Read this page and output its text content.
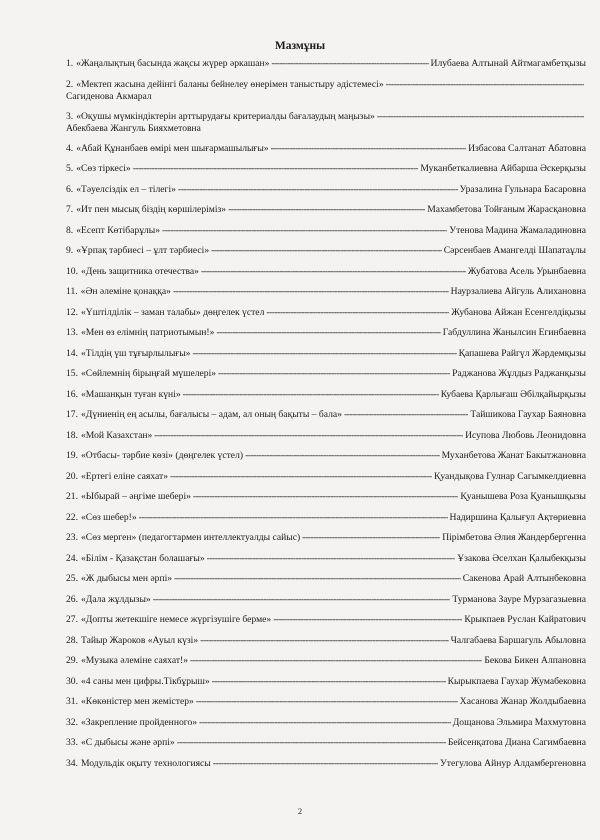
Мазмұны
1. «Жаңалықтың басында жақсы жүрер әркашан» -----	Илубаева Алтынай Айтмагамбетқызы
2. «Мектеп жасына дейінгі баланы бейнелеу өнерімен таныстыру әдістемесі»
-----
Сагиденова Акмарал
3. «Оқушы мүмкіндіктерін арттырудағы критериалды бағалаудың маңызы»
-----
Абекбаева Жангуль Бияхметовна
4. «Абай Құнанбаев өмірі мен шығармашылығы» -----	Избасова Салтанат Абатовна
5. «Сөз тіркесі» -----	Муканбеткалиевна Айбарша Әскерқызы
6. «Тәуелсіздік ел – тілегі» -----	Уразалина Гульнара Басаровна
7. «Ит пен мысық біздің көршілеріміз» -----	Махамбетова Тойғаным Жарасқановна
8. «Есепт Көтібарұлы» -----	Утенова Мадина Жамаладиновна
9. «Ұрпақ тәрбиесі – ұлт тәрбиесі» -----	Сәрсенбаев Амангелді Шапатаұлы
10. «День защитника отечества» -----	Жубатова Асель Урынбаевна
11. «Ән әлеміне қонаққа» -----	Наурзалиева Айгуль Алихановна
12. «Үштілділік – заман талабы» дөңгелек үстел -----	Жубанова Айжан Есенгелдіқызы
13. «Мен өз елімнің патриотымын!» -----	Габдуллина Жанылсин Егинбаевна
14. «Тілдің үш тұғырлылығы» -----	Қапашева Райгүл Жәрдемқызы
15. «Сөйлемнің бірыңғай мүшелері» -----	Раджанова Жұлдыз Раджанқызы
16. «Машанқын туған күні» -----	Кубаева Қарлығаш Әбілқайырқызы
17. «Дүниенің ең асылы, бағалысы – адам, ал оның бақыты – бала» -----	Тайшикова Гаухар Баяновна
18. «Мой Казахстан» -----	Исупова Любовь Леонидовна
19. «Отбасы- тәрбие көзі» (дөңгелек үстел) -----	Муханбетова Жанат Бакытжановна
20. «Ертегі еліне саяхат» -----	Қуандықова Гулнар Сагымкелдиевна
21. «Ыбырай – әңгіме шебері» -----	Қуанышева Роза Қуанышқызы
22. «Сөз шебер!» -----	Надиршина Қалығул Ақтөриевна
23. «Сөз мерген» (педагогтармен интеллектуалды сайыс) -----	Пірімбетова Әлия Жандербергенна
24. «Білім - Қазақстан болашағы» -----	Ұзакова Әселхан Қалыбекқызы
25. «Ж дыбысы мен әрпі» -----	Сакенова Арай Алтынбековна
26. «Дала жұлдызы» -----	Турманова Зауре Мурзагазыевна
27. «Допты жетекшіге немесе жүргізушіге берме» -----	Крыкпаев Руслан Кайратович
28. Тайыр Жароков «Ауыл күзі» -----	Чалгабаева Баршагуль Абыловна
29. «Музыка әлеміне саяхат!» -----	Бекова Бикен Алпановна
30. «4 саны мен цифры.Тікбұрыш» -----	Кырыкпаева Гаухар Жумабековна
31. «Көкөністер мен жемістер» -----	Хасанова Жанар Жолдыбаевна
32. «Закрепление пройденного» -----	Дощанова Эльмира Махмутовна
33. «С дыбысы және әрпі» -----	Бейсенқатова Диана Сагимбаевна
34. Модульдік оқыту технологиясы -----	Утегулова Айнур Алдамбергеновна
2
